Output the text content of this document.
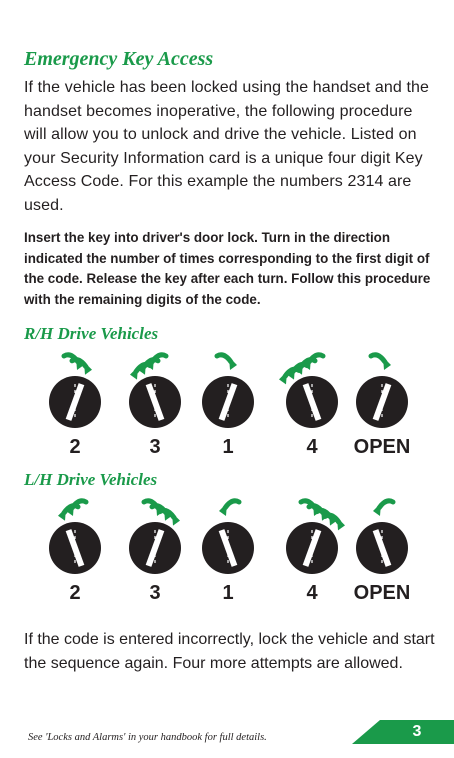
Emergency Key Access

If the vehicle has been locked using the handset and the handset becomes inoperative, the following procedure will allow you to unlock and drive the vehicle. Listed on your Security Information card is a unique four digit Key Access Code. For this example the numbers 2314 are used.

Insert the key into driver's door lock. Turn in the direction indicated the number of times corresponding to the first digit of the code. Release the key after each turn. Follow this procedure with the remaining digits of the code.

R/H Drive Vehicles
2	3	1	4	OPEN
L/H Drive Vehicles
2	3	1	4	OPEN

If the code is entered incorrectly, lock the vehicle and start the sequence again. Four more attempts are allowed.

See 'Locks and Alarms' in your handbook for full details.	3
